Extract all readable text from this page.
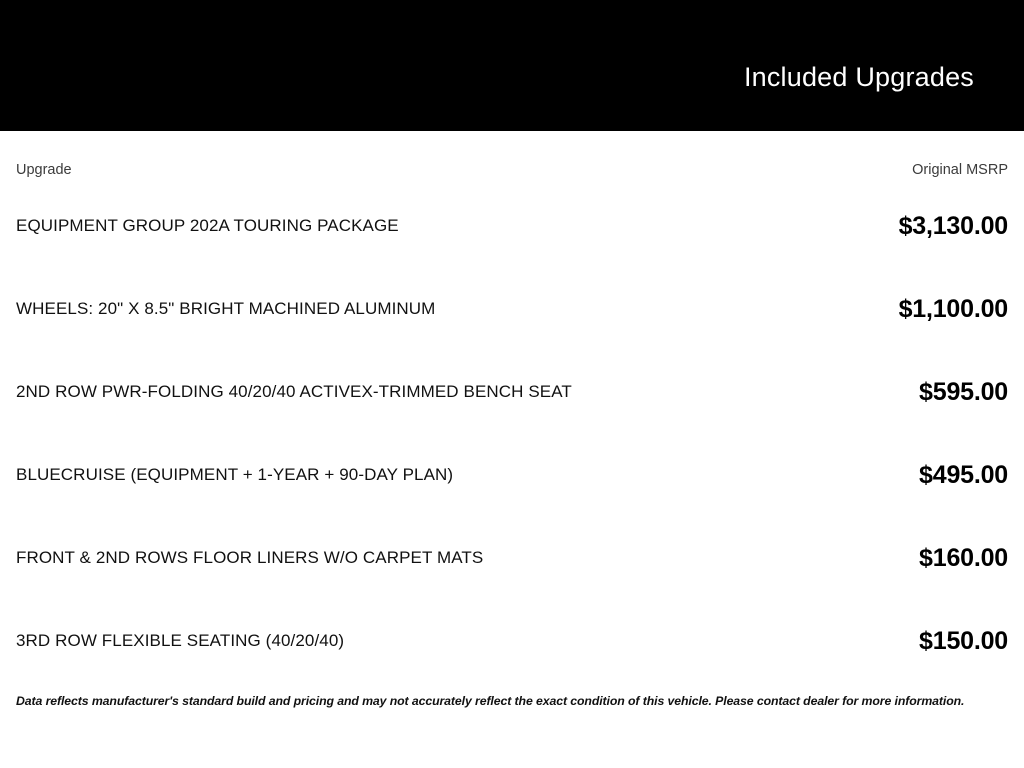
Included Upgrades
Upgrade	Original MSRP
EQUIPMENT GROUP 202A TOURING PACKAGE	$3,130.00
WHEELS: 20" X 8.5" BRIGHT MACHINED ALUMINUM	$1,100.00
2ND ROW PWR-FOLDING 40/20/40 ACTIVEX-TRIMMED BENCH SEAT	$595.00
BLUECRUISE (EQUIPMENT + 1-YEAR + 90-DAY PLAN)	$495.00
FRONT & 2ND ROWS FLOOR LINERS W/O CARPET MATS	$160.00
3RD ROW FLEXIBLE SEATING (40/20/40)	$150.00
Data reflects manufacturer's standard build and pricing and may not accurately reflect the exact condition of this vehicle. Please contact dealer for more information.
